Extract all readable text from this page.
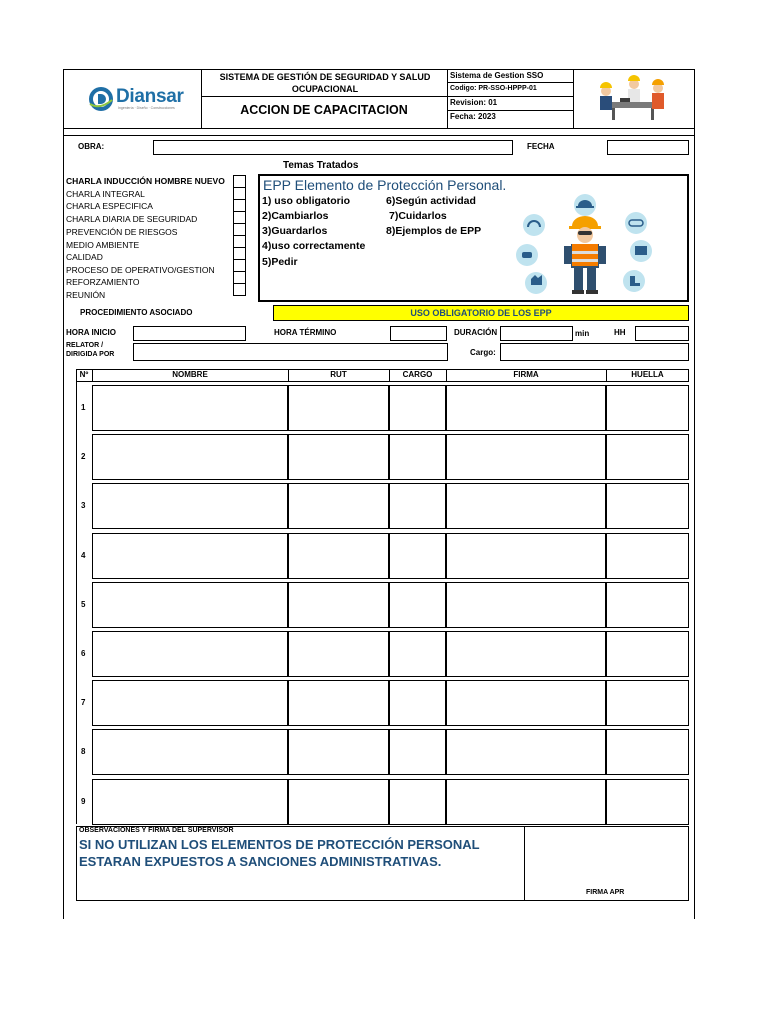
Diansar
Ingeniería · Diseño · Construcciones
SISTEMA DE GESTIÓN DE SEGURIDAD Y SALUD OCUPACIONAL
ACCION DE CAPACITACION
Sistema de Gestion SSO
Codigo: PR-SSO-HPPP-01
Revision: 01
Fecha: 2023
OBRA:	FECHA
Temas Tratados
CHARLA INDUCCIÓN HOMBRE NUEVO
CHARLA INTEGRAL
CHARLA ESPECIFICA
CHARLA DIARIA DE SEGURIDAD
PREVENCIÓN DE RIESGOS
MEDIO AMBIENTE
CALIDAD
PROCESO DE OPERATIVO/GESTION
REFORZAMIENTO
REUNIÓN
EPP Elemento de Protección Personal.
1) uso obligatorio
2)Cambiarlos
3)Guardarlos
4)uso correctamente
5)Pedir
6)Según actividad
7)Cuidarlos
8)Ejemplos de EPP
PROCEDIMIENTO ASOCIADO	USO OBLIGATORIO DE LOS EPP
HORA INICIO	HORA TÉRMINO	DURACIÓN	min	HH
RELATOR /
DIRIGIDA POR	Cargo:
Nº	NOMBRE	RUT	CARGO	FIRMA	HUELLA
1
2
3
4
5
6
7
8
9
OBSERVACIONES Y FIRMA DEL SUPERVISOR
SI NO UTILIZAN LOS ELEMENTOS DE PROTECCIÓN PERSONAL
ESTARAN EXPUESTOS A SANCIONES ADMINISTRATIVAS.
FIRMA APR
